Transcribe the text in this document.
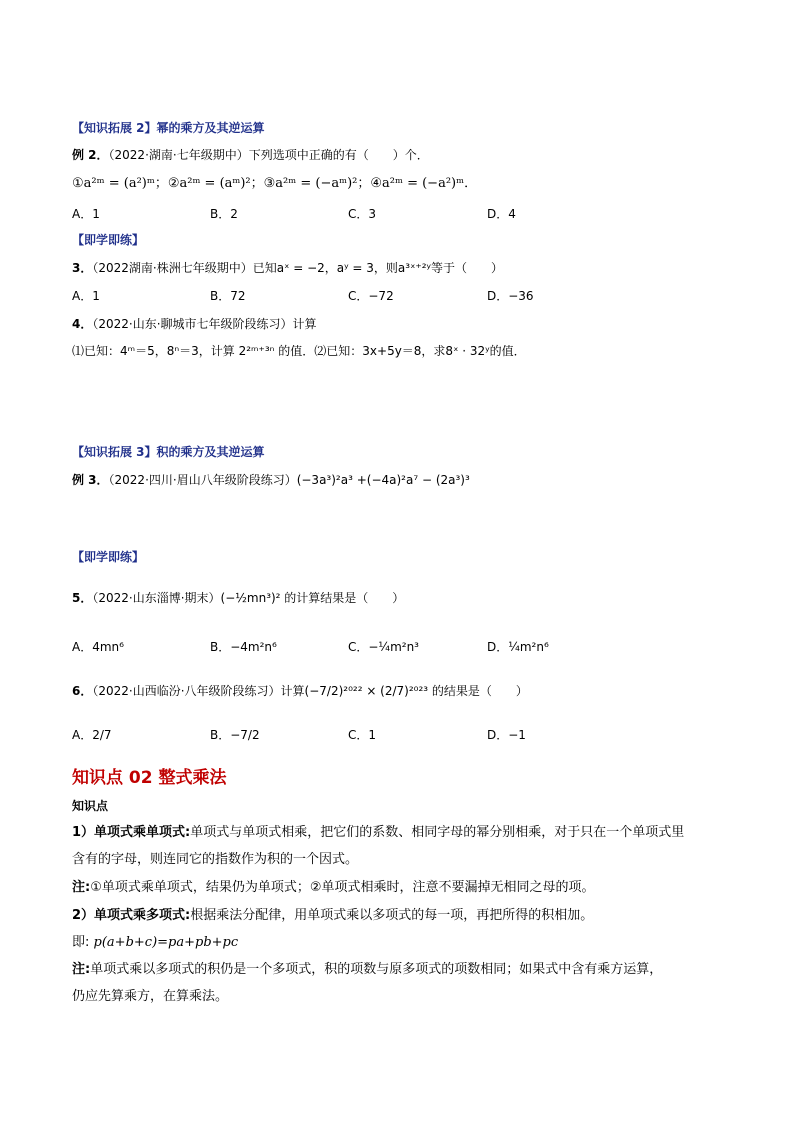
【知识拓展 2】幂的乘方及其逆运算
例 2．（2022·湖南·七年级期中）下列选项中正确的有（　　）个．
①a²ᵐ = (a²)ᵐ；②a²ᵐ = (aᵐ)²；③a²ᵐ = (−aᵐ)²；④a²ᵐ = (−a²)ᵐ．
A．1	B．2	C．3	D．4
【即学即练】
3．（2022湖南·株洲七年级期中）已知aˣ = −2，aʸ = 3，则a³ˣ⁺²ʸ等于（　　）
A．1	B．72	C．−72	D．−36
4．（2022·山东·聊城市七年级阶段练习）计算
⑴已知：4ᵐ＝5，8ⁿ＝3，计算 2²ᵐ⁺³ⁿ 的值．⑵已知：3x+5y＝8，求8ˣ · 32ʸ的值．
【知识拓展 3】积的乘方及其逆运算
例 3．（2022·四川·眉山八年级阶段练习）(−3a³)²a³ +(−4a)²a⁷ − (2a³)³
【即学即练】
5．（2022·山东淄博·期末）(−½mn³)² 的计算结果是（　　）
A．4mn⁶	B．−4m²n⁶	C．−¼m²n³	D．¼m²n⁶
6．（2022·山西临汾·八年级阶段练习）计算(−7/2)²⁰²² × (2/7)²⁰²³ 的结果是（　　）
A．2/7	B．−7/2	C．1	D．−1
知识点 02 整式乘法
知识点
1）单项式乘单项式:单项式与单项式相乘，把它们的系数、相同字母的幂分别相乘，对于只在一个单项式里
含有的字母，则连同它的指数作为积的一个因式。
注:①单项式乘单项式，结果仍为单项式；②单项式相乘时，注意不要漏掉无相同之母的项。
2）单项式乘多项式:根据乘法分配律，用单项式乘以多项式的每一项，再把所得的积相加。
即: p(a+b+c)=pa+pb+pc
注:单项式乘以多项式的积仍是一个多项式，积的项数与原多项式的项数相同；如果式中含有乘方运算，
仍应先算乘方，在算乘法。
